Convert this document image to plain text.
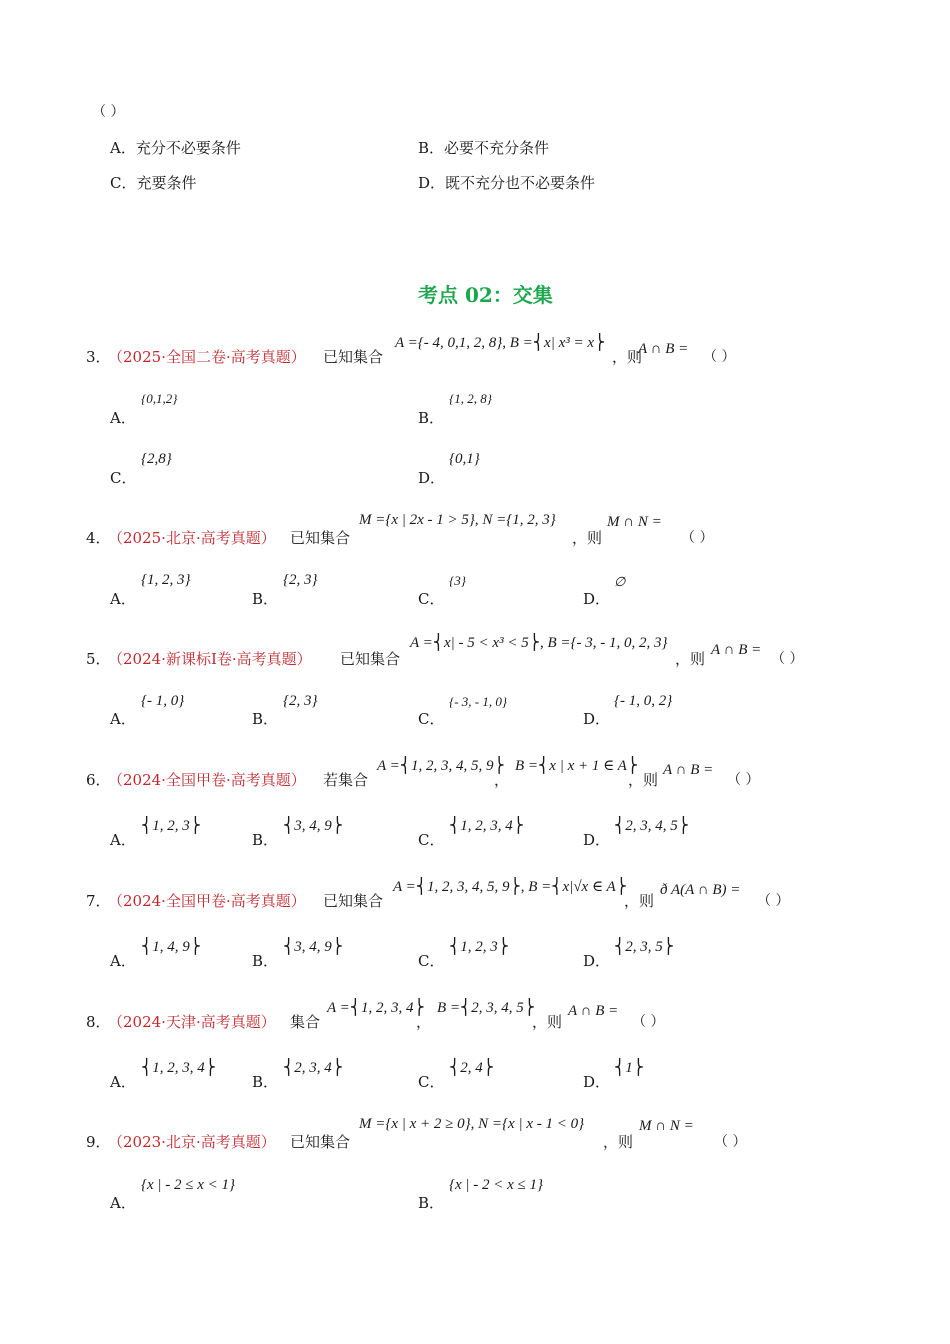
（ ）
A．充分不必要条件	B．必要不充分条件
C．充要条件	D．既不充分也不必要条件
考点 02：交集
3．
（2025·全国二卷·高考真题） 已知集合
A ={- 4, 0,1, 2, 8}, B =⎨x| x³ = x⎬
，则
A ∩ B = （ ）
A．
{0,1,2}
B．
{1, 2, 8}
C．
{2,8}
D．
{0,1}
4．
（2025·北京·高考真题） 已知集合
M ={x | 2x - 1 > 5}, N ={1, 2, 3}
，则
M ∩ N =
（ ）
A．
{1, 2, 3}
B．
{2, 3}
C．
{3}
D．
∅
5．
（2024·新课标Ⅰ卷·高考真题） 已知集合
A =⎨x| - 5 < x³ < 5⎬, B ={- 3, - 1, 0, 2, 3}
，则 A ∩ B =
（ ）
A．
{- 1, 0}
B．
{2, 3}
C．
{- 3, - 1, 0}
D．
{- 1, 0, 2}
6．
（2024·全国甲卷·高考真题） 若集合
A =⎨1, 2, 3, 4, 5, 9⎬
，
B =⎨x | x + 1 ∈ A⎬
，则
A ∩ B =
（ ）
A．
⎨1, 2, 3⎬
B．
⎨3, 4, 9⎬
C．
⎨1, 2, 3, 4⎬
D．
⎨2, 3, 4, 5⎬
7．
（2024·全国甲卷·高考真题） 已知集合
A =⎨1, 2, 3, 4, 5, 9⎬, B =⎨x|√x ∈ A⎬
，则
ð A(A ∩ B) =
（ ）
A．
⎨1, 4, 9⎬
B．
⎨3, 4, 9⎬
C．
⎨1, 2, 3⎬
D．
⎨2, 3, 5⎬
8．
（2024·天津·高考真题） 集合
A =⎨1, 2, 3, 4⎬
，
B =⎨2, 3, 4, 5⎬
，则
A ∩ B =
（ ）
A．
⎨1, 2, 3, 4⎬
B．
⎨2, 3, 4⎬
C．
⎨2, 4⎬
D．
⎨1⎬
9．
（2023·北京·高考真题） 已知集合
M ={x | x + 2 ≥ 0}, N ={x | x - 1 < 0}
，则
M ∩ N =
（ ）
A．
{x | - 2 ≤ x < 1}
B．
{x | - 2 < x ≤ 1}
